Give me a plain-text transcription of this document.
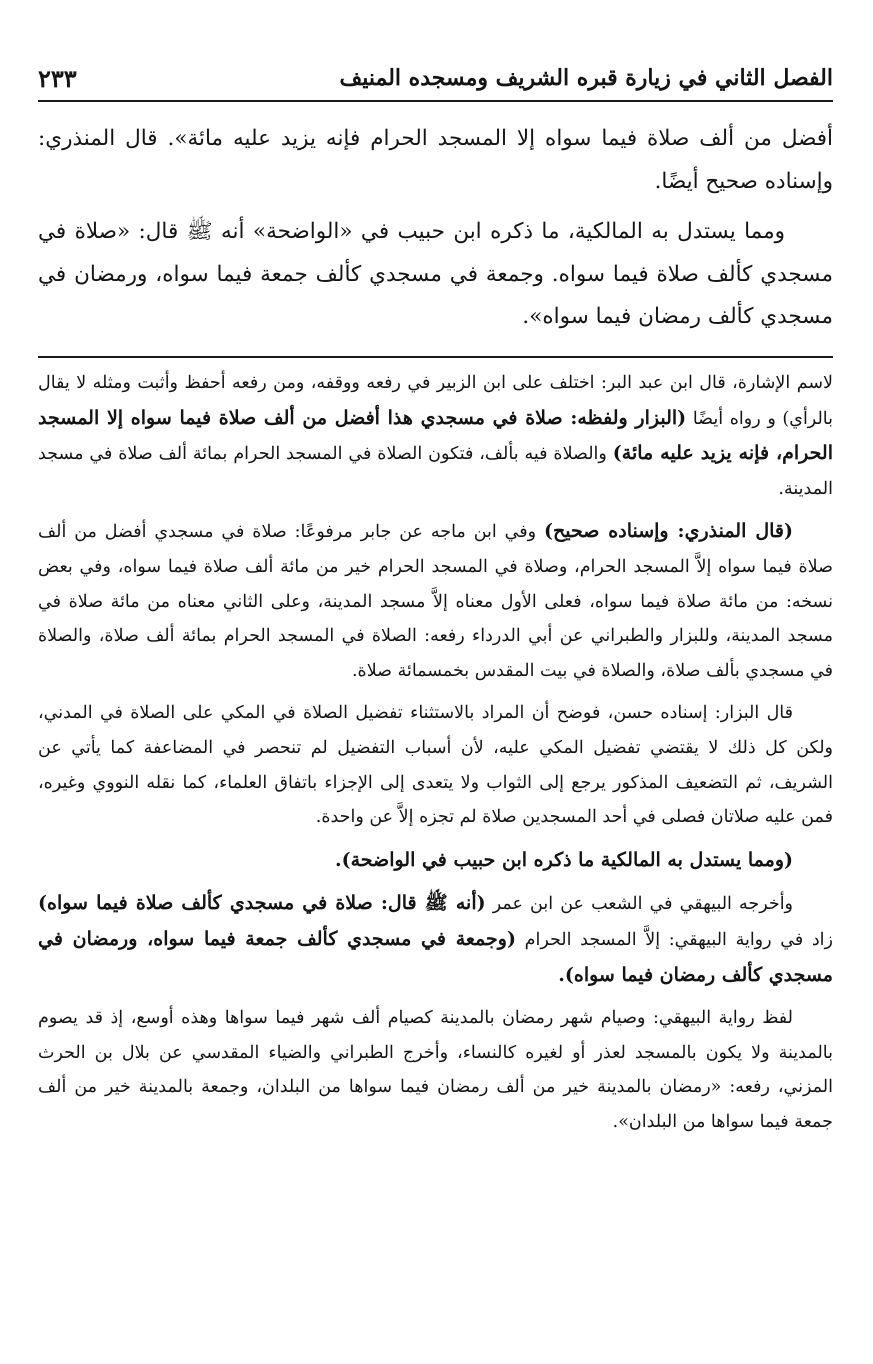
الفصل الثاني في زيارة قبره الشريف ومسجده المنيف
٢٣٣

أفضل من ألف صلاة فيما سواه إلا المسجد الحرام فإنه يزيد عليه مائة». قال المنذري: وإسناده صحيح أيضًا.

ومما يستدل به المالكية، ما ذكره ابن حبيب في «الواضحة» أنه ﷺ قال: «صلاة في مسجدي كألف صلاة فيما سواه. وجمعة في مسجدي كألف جمعة فيما سواه، ورمضان في مسجدي كألف رمضان فيما سواه».

لاسم الإشارة، قال ابن عبد البر: اختلف على ابن الزبير في رفعه ووقفه، ومن رفعه أحفظ وأثبت ومثله لا يقال بالرأي) و رواه أيضًا (البزار ولفظه: صلاة في مسجدي هذا أفضل من ألف صلاة فيما سواه إلا المسجد الحرام، فإنه يزيد عليه مائة) والصلاة فيه بألف، فتكون الصلاة في المسجد الحرام بمائة ألف صلاة في مسجد المدينة.

(قال المنذري: وإسناده صحيح) وفي ابن ماجه عن جابر مرفوعًا: صلاة في مسجدي أفضل من ألف صلاة فيما سواه إلاَّ المسجد الحرام، وصلاة في المسجد الحرام خير من مائة ألف صلاة فيما سواه، وفي بعض نسخه: من مائة صلاة فيما سواه، فعلى الأول معناه إلاَّ مسجد المدينة، وعلى الثاني معناه من مائة صلاة في مسجد المدينة، وللبزار والطبراني عن أبي الدرداء رفعه: الصلاة في المسجد الحرام بمائة ألف صلاة، والصلاة في مسجدي بألف صلاة، والصلاة في بيت المقدس بخمسمائة صلاة.

قال البزار: إسناده حسن، فوضح أن المراد بالاستثناء تفضيل الصلاة في المكي على الصلاة في المدني، ولكن كل ذلك لا يقتضي تفضيل المكي عليه، لأن أسباب التفضيل لم تنحصر في المضاعفة كما يأتي عن الشريف، ثم التضعيف المذكور يرجع إلى الثواب ولا يتعدى إلى الإجزاء باتفاق العلماء، كما نقله النووي وغيره، فمن عليه صلاتان فصلى في أحد المسجدين صلاة لم تجزه إلاَّ عن واحدة.

(ومما يستدل به المالكية ما ذكره ابن حبيب في الواضحة).

وأخرجه البيهقي في الشعب عن ابن عمر (أنه ﷺ قال: صلاة في مسجدي كألف صلاة فيما سواه) زاد في رواية البيهقي: إلاَّ المسجد الحرام (وجمعة في مسجدي كألف جمعة فيما سواه، ورمضان في مسجدي كألف رمضان فيما سواه).

لفظ رواية البيهقي: وصيام شهر رمضان بالمدينة كصيام ألف شهر فيما سواها وهذه أوسع، إذ قد يصوم بالمدينة ولا يكون بالمسجد لعذر أو لغيره كالنساء، وأخرج الطبراني والضياء المقدسي عن بلال بن الحرث المزني، رفعه: «رمضان بالمدينة خير من ألف رمضان فيما سواها من البلدان، وجمعة بالمدينة خير من ألف جمعة فيما سواها من البلدان».
